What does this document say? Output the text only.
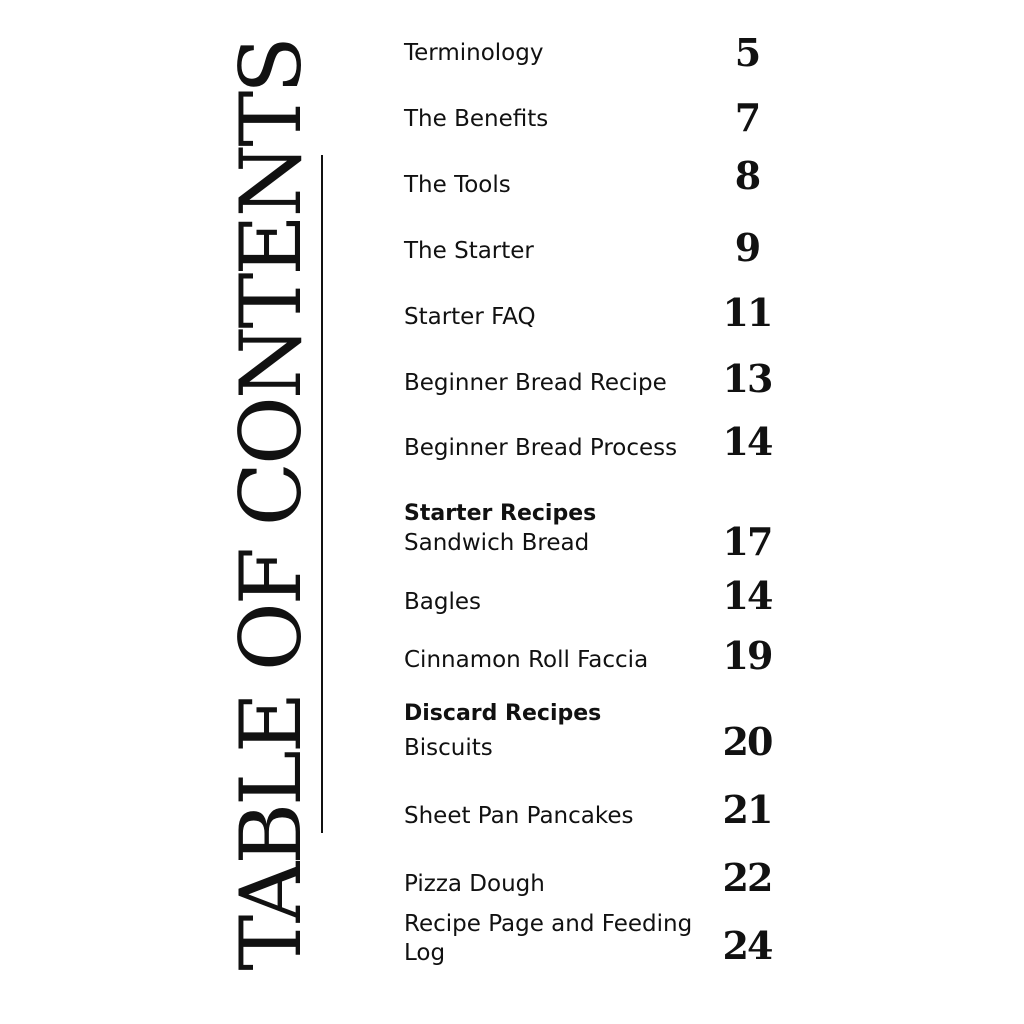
TABLE OF CONTENTS	Terminology	5
The Benefits	7
The Tools	8
The Starter	9
Starter FAQ	11
Beginner Bread Recipe	13
Beginner Bread Process	14
Starter Recipes
Sandwich Bread	17
Bagles	14
Cinnamon Roll Faccia	19
Discard Recipes
Biscuits	20
Sheet Pan Pancakes	21
Pizza Dough	22
Recipe Page and Feeding Log	24
